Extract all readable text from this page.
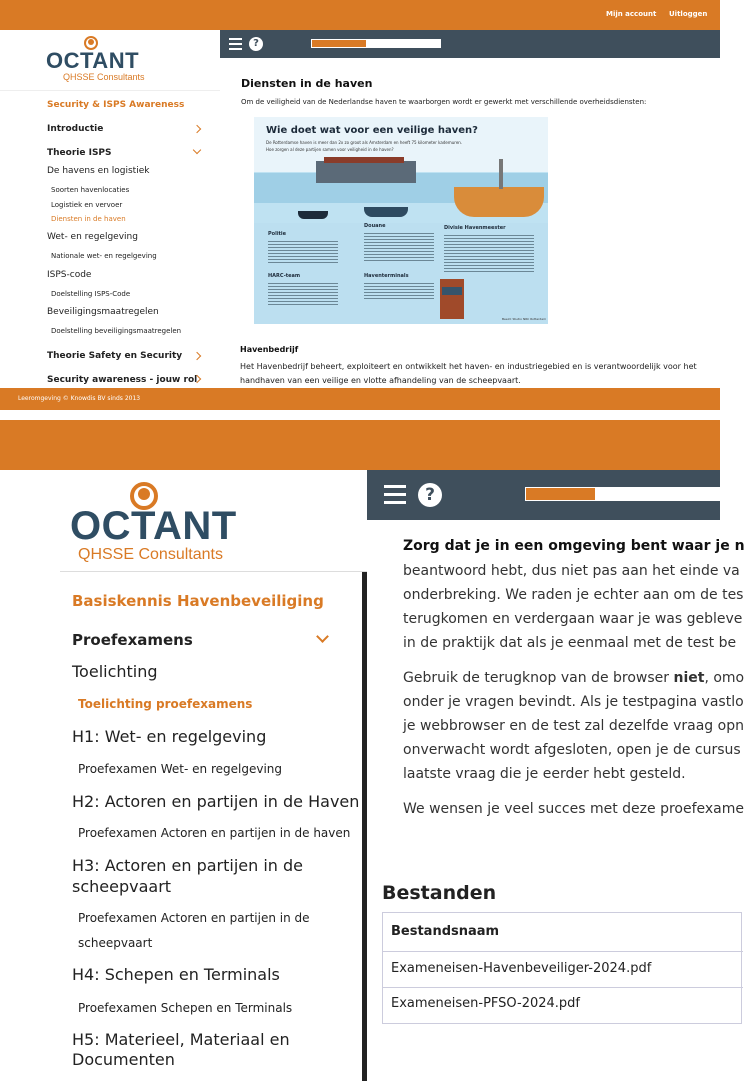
Mijn account Uitloggen
OCTANT
QHSSE Consultants
Security & ISPS Awareness
Introductie
Theorie ISPS
De havens en logistiek
Soorten havenlocaties
Logistiek en vervoer
Diensten in de haven
Wet- en regelgeving
Nationale wet- en regelgeving
ISPS-code
Doelstelling ISPS-Code
Beveiligingsmaatregelen
Doelstelling beveiligingsmaatregelen
Theorie Safety en Security
Security awareness - jouw rol
?
Diensten in de haven
Om de veiligheid van de Nederlandse haven te waarborgen wordt er gewerkt met verschillende overheidsdiensten:
Havenbedrijf
Het Havenbedrijf beheert, exploiteert en ontwikkelt het haven- en industriegebied en is verantwoordelijk voor het
handhaven van een veilige en vlotte afhandeling van de scheepvaart.
Wie doet wat voor een veilige haven?
De Rotterdamse haven is meer dan 2x zo groot als Amsterdam en heeft 75 kilometer kademuren.
Hoe zorgen al deze partijen samen voor veiligheid in de haven?
Politie
Douane	Divisie Havenmeester
HARC-team	Haventerminals
Beeld: Studio NRC Rotterdam
Leeromgeving © Knowdis BV sinds 2013
OCTANT
QHSSE Consultants
Basiskennis Havenbeveiliging
Proefexamens
Toelichting
Toelichting proefexamens
H1: Wet- en regelgeving
Proefexamen Wet- en regelgeving
H2: Actoren en partijen in de Haven
Proefexamen Actoren en partijen in de haven
H3: Actoren en partijen in de
scheepvaart
Proefexamen Actoren en partijen in de
scheepvaart
H4: Schepen en Terminals
Proefexamen Schepen en Terminals
H5: Materieel, Materiaal en
Documenten
?
Zorg dat je in een omgeving bent waar je n
beantwoord hebt, dus niet pas aan het einde va
onderbreking. We raden je echter aan om de tes
terugkomen en verdergaan waar je was gebleve
in de praktijk dat als je eenmaal met de test be
Gebruik de terugknop van de browser niet, omo
onder je vragen bevindt. Als je testpagina vastlo
je webbrowser en de test zal dezelfde vraag opn
onverwacht wordt afgesloten, open je de cursus
laatste vraag die je eerder hebt gesteld.
We wensen je veel succes met deze proefexame
Bestanden
Bestandsnaam
Exameneisen-Havenbeveiliger-2024.pdf
Exameneisen-PFSO-2024.pdf
